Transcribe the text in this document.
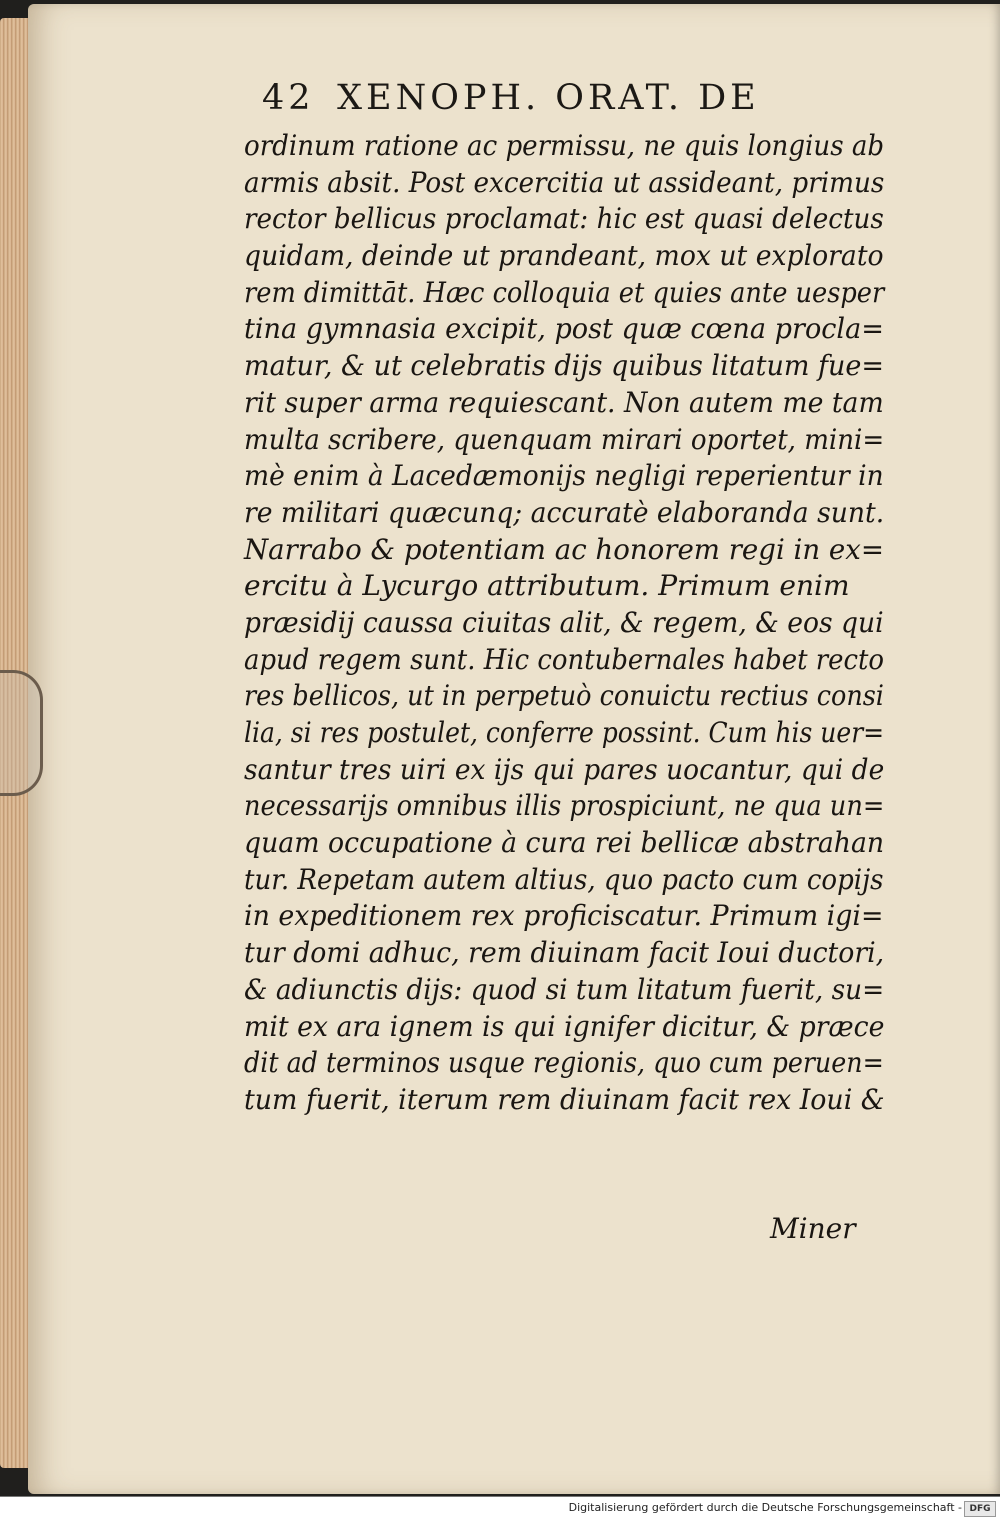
42 XENOPH. ORAT. DE
ordinum ratione ac permissu, ne quis longius ab
armis absit. Post excercitia ut assideant, primus
rector bellicus proclamat: hic est quasi delectus
quidam, deinde ut prandeant, mox ut explorato
rem dimittāt. Hæc colloquia et quies ante uesper
tina gymnasia excipit, post quæ cœna procla=
matur, & ut celebratis dijs quibus litatum fue=
rit super arma requiescant. Non autem me tam
multa scribere, quenquam mirari oportet, mini=
mè enim à Lacedæmonijs negligi reperientur in
re militari quæcunq; accuratè elaboranda sunt.
Narrabo & potentiam ac honorem regi in ex=
ercitu à Lycurgo attributum. Primum enim
præsidij caussa ciuitas alit, & regem, & eos qui
apud regem sunt. Hic contubernales habet recto
res bellicos, ut in perpetuò conuictu rectius consi
lia, si res postulet, conferre possint. Cum his uer=
santur tres uiri ex ijs qui pares uocantur, qui de
necessarijs omnibus illis prospiciunt, ne qua un=
quam occupatione à cura rei bellicæ abstrahan
tur. Repetam autem altius, quo pacto cum copijs
in expeditionem rex proficiscatur. Primum igi=
tur domi adhuc, rem diuinam facit Ioui ductori,
& adiunctis dijs: quod si tum litatum fuerit, su=
mit ex ara ignem is qui ignifer dicitur, & præce
dit ad terminos usque regionis, quo cum peruen=
tum fuerit, iterum rem diuinam facit rex Ioui &
Miner
Digitalisierung gefördert durch die Deutsche Forschungsgemeinschaft - DFG
